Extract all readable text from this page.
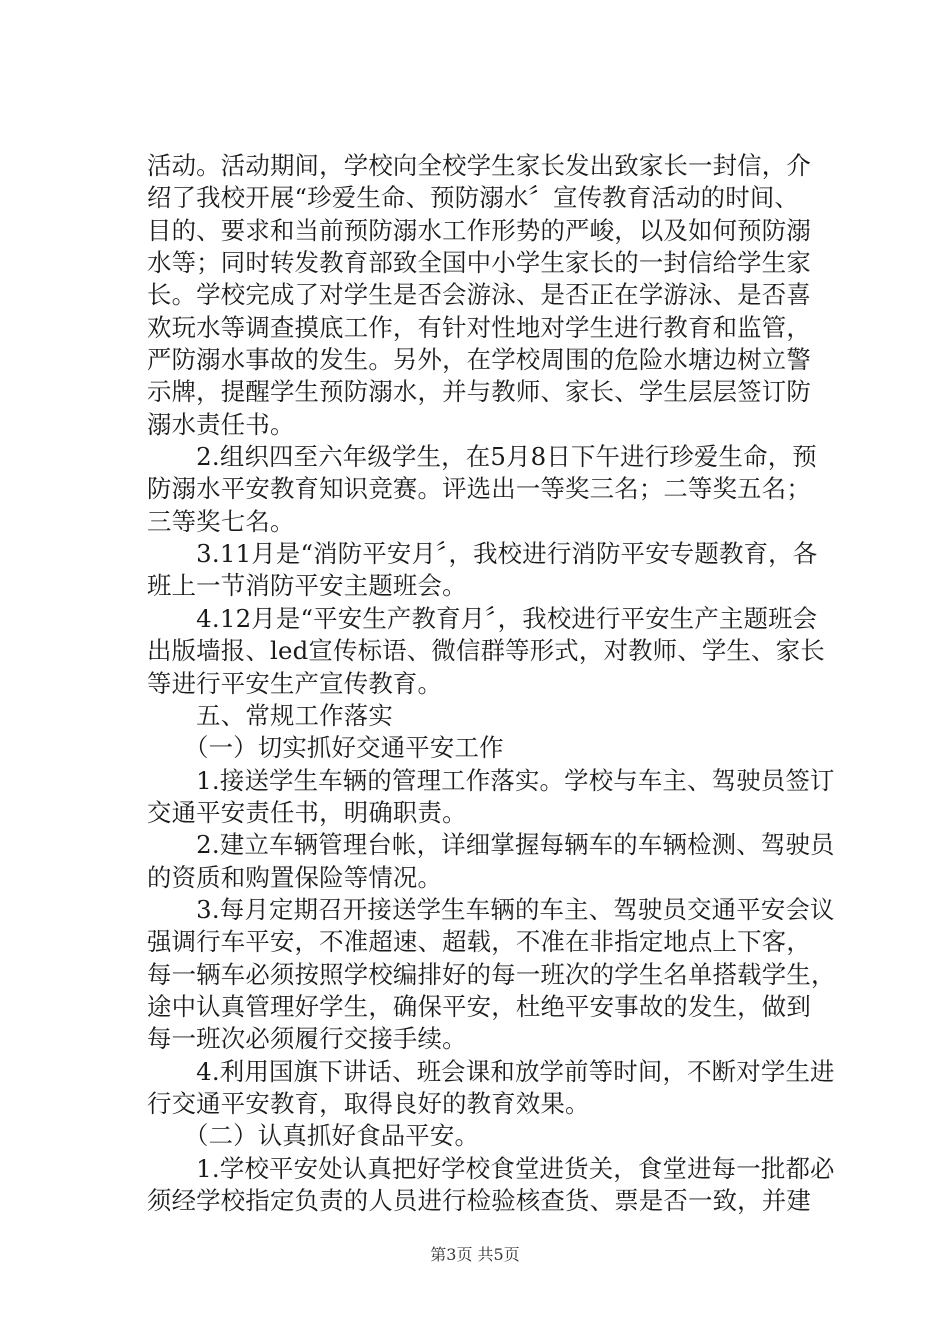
活动。活动期间，学校向全校学生家长发出致家长一封信，介
绍了我校开展“珍爱生命、预防溺水〞宣传教育活动的时间、
目的、要求和当前预防溺水工作形势的严峻，以及如何预防溺
水等；同时转发教育部致全国中小学生家长的一封信给学生家
长。学校完成了对学生是否会游泳、是否正在学游泳、是否喜
欢玩水等调查摸底工作，有针对性地对学生进行教育和监管，
严防溺水事故的发生。另外，在学校周围的危险水塘边树立警
示牌，提醒学生预防溺水，并与教师、家长、学生层层签订防
溺水责任书。
　　2.组织四至六年级学生，在5月8日下午进行珍爱生命，预
防溺水平安教育知识竞赛。评选出一等奖三名；二等奖五名；
三等奖七名。
　　3.11月是“消防平安月〞，我校进行消防平安专题教育，各
班上一节消防平安主题班会。
　　4.12月是“平安生产教育月〞，我校进行平安生产主题班会
出版墙报、led宣传标语、微信群等形式，对教师、学生、家长
等进行平安生产宣传教育。
　　五、常规工作落实
　　（一）切实抓好交通平安工作
　　1.接送学生车辆的管理工作落实。学校与车主、驾驶员签订
交通平安责任书，明确职责。
　　2.建立车辆管理台帐，详细掌握每辆车的车辆检测、驾驶员
的资质和购置保险等情况。
　　3.每月定期召开接送学生车辆的车主、驾驶员交通平安会议
强调行车平安，不准超速、超载，不准在非指定地点上下客，
每一辆车必须按照学校编排好的每一班次的学生名单搭载学生，
途中认真管理好学生，确保平安，杜绝平安事故的发生，做到
每一班次必须履行交接手续。
　　4.利用国旗下讲话、班会课和放学前等时间，不断对学生进
行交通平安教育，取得良好的教育效果。
　　（二）认真抓好食品平安。
　　1.学校平安处认真把好学校食堂进货关，食堂进每一批都必
须经学校指定负责的人员进行检验核查货、票是否一致，并建
第3页 共5页
